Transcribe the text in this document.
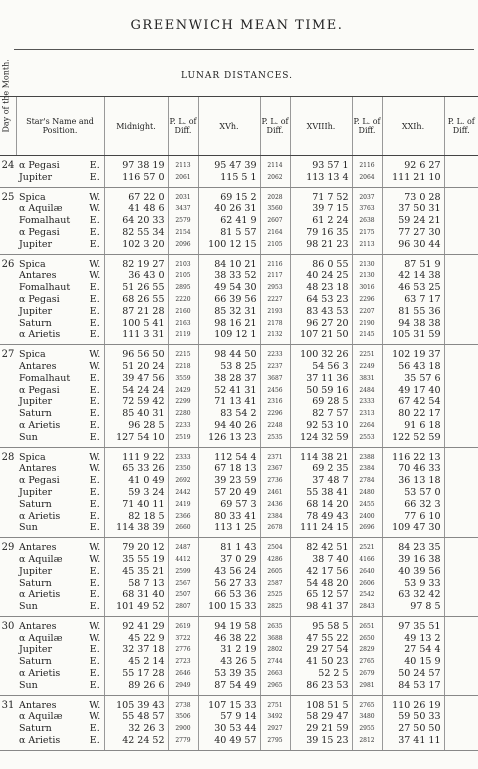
GREENWICH MEAN TIME.
LUNAR DISTANCES.
Day of the Month.	Star's Name and Position.		Midnight.	P. L. of Diff.	XVh.	P. L. of Diff.	XVIIIh.	P. L. of Diff.	XXIh.	P. L. of Diff.
24	α Pegasi	E.	97 38 19	2113	95 47 39	2114	93 57 1	2116	92 6 27	
	Jupiter	E.	116 57 0	2061	115 5 1	2062	113 13 4	2064	111 21 10	
25	Spica	W.	67 22 0	2031	69 15 2	2028	71 7 52	2037	73 0 28	
	α Aquilæ	W.	41 48 6	3437	40 26 31	3560	39 7 15	3763	37 50 31	
	Fomalhaut	E.	64 20 33	2579	62 41 9	2607	61 2 24	2638	59 24 21	
	α Pegasi	E.	82 55 34	2154	81 5 57	2164	79 16 35	2175	77 27 30	
	Jupiter	E.	102 3 20	2096	100 12 15	2105	98 21 23	2113	96 30 44	
26	Spica	W.	82 19 27	2103	84 10 21	2116	86 0 55	2130	87 51 9	
	Antares	W.	36 43 0	2105	38 33 52	2117	40 24 25	2130	42 14 38	
	Fomalhaut	E.	51 26 55	2895	49 54 30	2953	48 23 18	3016	46 53 25	
	α Pegasi	E.	68 26 55	2220	66 39 56	2227	64 53 23	2296	63 7 17	
	Jupiter	E.	87 21 28	2160	85 32 31	2193	83 43 53	2207	81 55 36	
	Saturn	E.	100 5 41	2163	98 16 21	2178	96 27 20	2190	94 38 38	
	α Arietis	E.	111 3 31	2119	109 12 1	2132	107 21 50	2145	105 31 59	
27	Spica	W.	96 56 50	2215	98 44 50	2233	100 32 26	2251	102 19 37	
	Antares	W.	51 20 24	2218	53 8 25	2237	54 56 3	2249	56 43 18	
	Fomalhaut	E.	39 47 56	3559	38 28 37	3687	37 11 36	3831	35 57 6	
	α Pegasi	E.	54 24 24	2429	52 41 31	2456	50 59 16	2484	49 17 40	
	Jupiter	E.	72 59 42	2299	71 13 41	2316	69 28 5	2333	67 42 54	
	Saturn	E.	85 40 31	2280	83 54 2	2296	82 7 57	2313	80 22 17	
	α Arietis	E.	96 28 5	2233	94 40 26	2248	92 53 10	2264	91 6 18	
	Sun	E.	127 54 10	2519	126 13 23	2535	124 32 59	2553	122 52 59	
28	Spica	W.	111 9 22	2333	112 54 4	2371	114 38 21	2388	116 22 13	
	Antares	W.	65 33 26	2350	67 18 13	2367	69 2 35	2384	70 46 33	
	α Pegasi	E.	41 0 49	2692	39 23 59	2736	37 48 7	2784	36 13 18	
	Jupiter	E.	59 3 24	2442	57 20 49	2461	55 38 41	2480	53 57 0	
	Saturn	E.	71 40 11	2419	69 57 3	2436	68 14 20	2455	66 32 3	
	α Arietis	E.	82 18 5	2366	80 33 41	2384	78 49 43	2400	77 6 10	
	Sun	E.	114 38 39	2660	113 1 25	2678	111 24 15	2696	109 47 30	
29	Antares	W.	79 20 12	2487	81 1 43	2504	82 42 51	2521	84 23 35	
	α Aquilæ	W.	35 55 19	4412	37 0 29	4286	38 7 40	4166	39 16 38	
	Jupiter	E.	45 35 21	2599	43 56 24	2605	42 17 56	2640	40 39 56	
	Saturn	E.	58 7 13	2567	56 27 33	2587	54 48 20	2606	53 9 33	
	α Arietis	E.	68 31 40	2507	66 53 36	2525	65 12 57	2542	63 32 42	
	Sun	E.	101 49 52	2807	100 15 33	2825	98 41 37	2843	97 8 5	
30	Antares	W.	92 41 29	2619	94 19 58	2635	95 58 5	2651	97 35 51	
	α Aquilæ	W.	45 22 9	3722	46 38 22	3688	47 55 22	2650	49 13 2	
	Jupiter	E.	32 37 18	2776	31 2 19	2802	29 27 54	2829	27 54 4	
	Saturn	E.	45 2 14	2723	43 26 5	2744	41 50 23	2765	40 15 9	
	α Arietis	E.	55 17 28	2646	53 39 35	2663	52 2 5	2679	50 24 57	
	Sun	E.	89 26 6	2949	87 54 49	2965	86 23 53	2981	84 53 17	
31	Antares	W.	105 39 43	2738	107 15 33	2751	108 51 5	2765	110 26 19	
	α Aquilæ	W.	55 48 57	3506	57 9 14	3492	58 29 47	3480	59 50 33	
	Saturn	E.	32 26 3	2900	30 53 44	2927	29 21 59	2955	27 50 50	
	α Arietis	E.	42 24 52	2779	40 49 57	2795	39 15 23	2812	37 41 11	
